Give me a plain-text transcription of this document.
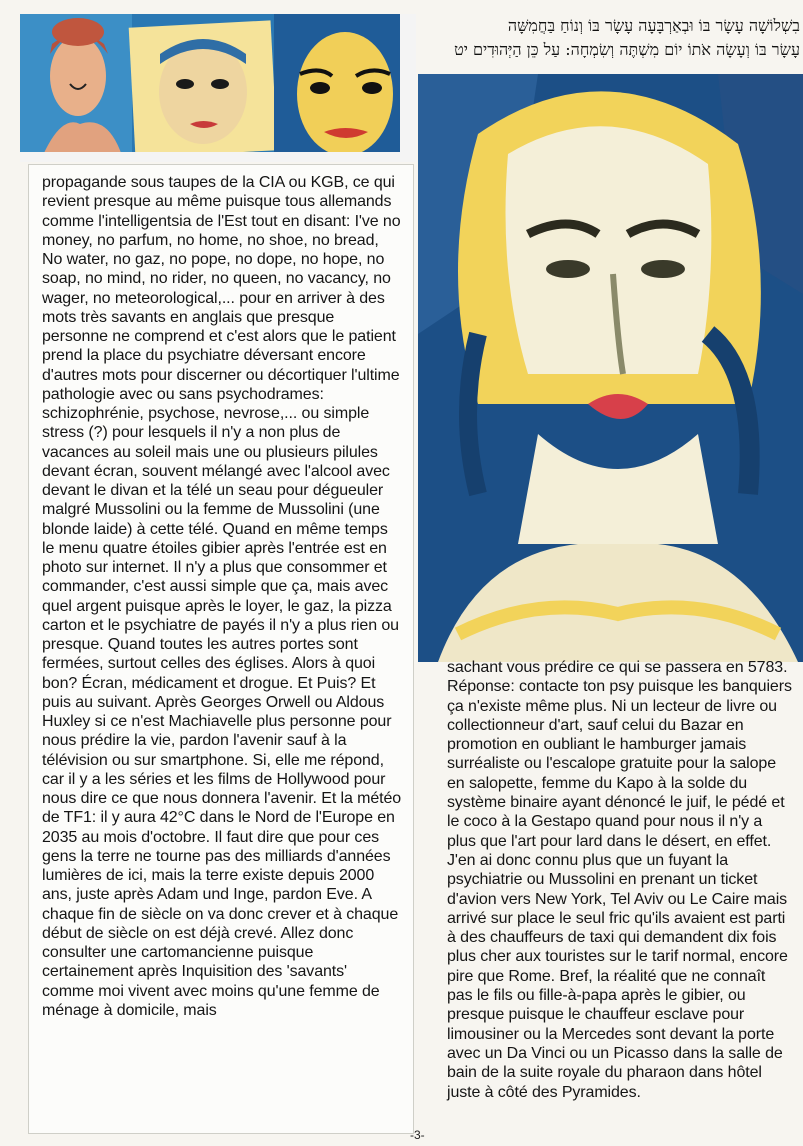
בִשְׁלוֹשָׁה עָשָׂר בּוֹ וּבְאַרְבָּעָה עָשָׂר בּוֹ וְנוֹחַ בַּחֲמִשָּׁה
עָשָׂר בּוֹ וְעָשָׂה אֹתוֹ יוֹם מִשְׁתֶּה וְשִׂמְחָה: עַל כֵּן הַיְּהוּדִים יט

propagande sous taupes de la CIA ou KGB, ce qui revient presque au même puisque tous allemands comme l'intelligentsia de l'Est tout en disant: I've no money, no parfum, no home, no shoe, no bread, No water, no gaz, no pope, no dope, no hope, no soap, no mind, no rider, no queen, no vacancy, no wager, no meteorological,... pour en arriver à des mots très savants en anglais que presque personne ne comprend et c'est alors que le patient prend la place du psychiatre déversant encore d'autres mots pour discerner ou décortiquer l'ultime pathologie avec ou sans psychodrames: schizophrénie, psychose, nevrose,... ou simple stress (?) pour lesquels il n'y a non plus de vacances au soleil mais une ou plusieurs pilules devant écran, souvent mélangé avec l'alcool avec devant le divan et la télé un seau pour dégueuler malgré Mussolini ou la femme de Mussolini (une blonde laide) à cette télé. Quand en même temps le menu quatre étoiles gibier après l'entrée est en photo sur internet. Il n'y a plus que consommer et commander, c'est aussi simple que ça, mais avec quel argent puisque après le loyer, le gaz, la pizza carton et le psychiatre de payés il n'y a plus rien ou presque. Quand toutes les autres portes sont fermées, surtout celles des églises. Alors à quoi bon? Écran, médicament et drogue. Et Puis? Et puis au suivant. Après Georges Orwell ou Aldous Huxley si ce n'est Machiavelle plus personne pour nous prédire la vie, pardon l'avenir sauf à la télévision ou sur smartphone. Si, elle me répond, car il y a les séries et les films de Hollywood pour nous dire ce que nous donnera l'avenir. Et la météo de TF1: il y aura 42°C dans le Nord de l'Europe en 2035 au mois d'octobre. Il faut dire que pour ces gens la terre ne tourne pas des milliards d'années lumières de ici, mais la terre existe depuis 2000 ans, juste après Adam und Inge, pardon Eve. A chaque fin de siècle on va donc crever et à chaque début de siècle on est déjà crevé. Allez donc consulter une cartomancienne puisque certainement après Inquisition des 'savants' comme moi vivent avec moins qu'une femme de ménage à domicile, mais

sachant vous prédire ce qui se passera en 5783. Réponse: contacte ton psy puisque les banquiers ça n'existe même plus. Ni un lecteur de livre ou collectionneur d'art, sauf celui du Bazar en promotion en oubliant le hamburger jamais surréaliste ou l'escalope gratuite pour la salope en salopette, femme du Kapo à la solde du système binaire ayant dénoncé le juif, le pédé et le coco à la Gestapo quand pour nous il n'y a plus que l'art pour lard dans le désert, en effet. J'en ai donc connu plus que un fuyant la psychiatrie ou Mussolini en prenant un ticket d'avion vers New York, Tel Aviv ou Le Caire mais arrivé sur place le seul fric qu'ils avaient est parti à des chauffeurs de taxi qui demandent dix fois plus cher aux touristes sur le tarif normal, encore pire que Rome. Bref, la réalité que ne connaît pas le fils ou fille-à-papa après le gibier, ou presque puisque le chauffeur esclave pour limousiner ou la Mercedes sont devant la porte avec un Da Vinci ou un Picasso dans la salle de bain de la suite royale du pharaon dans hôtel juste à côté des Pyramides.

-3-
